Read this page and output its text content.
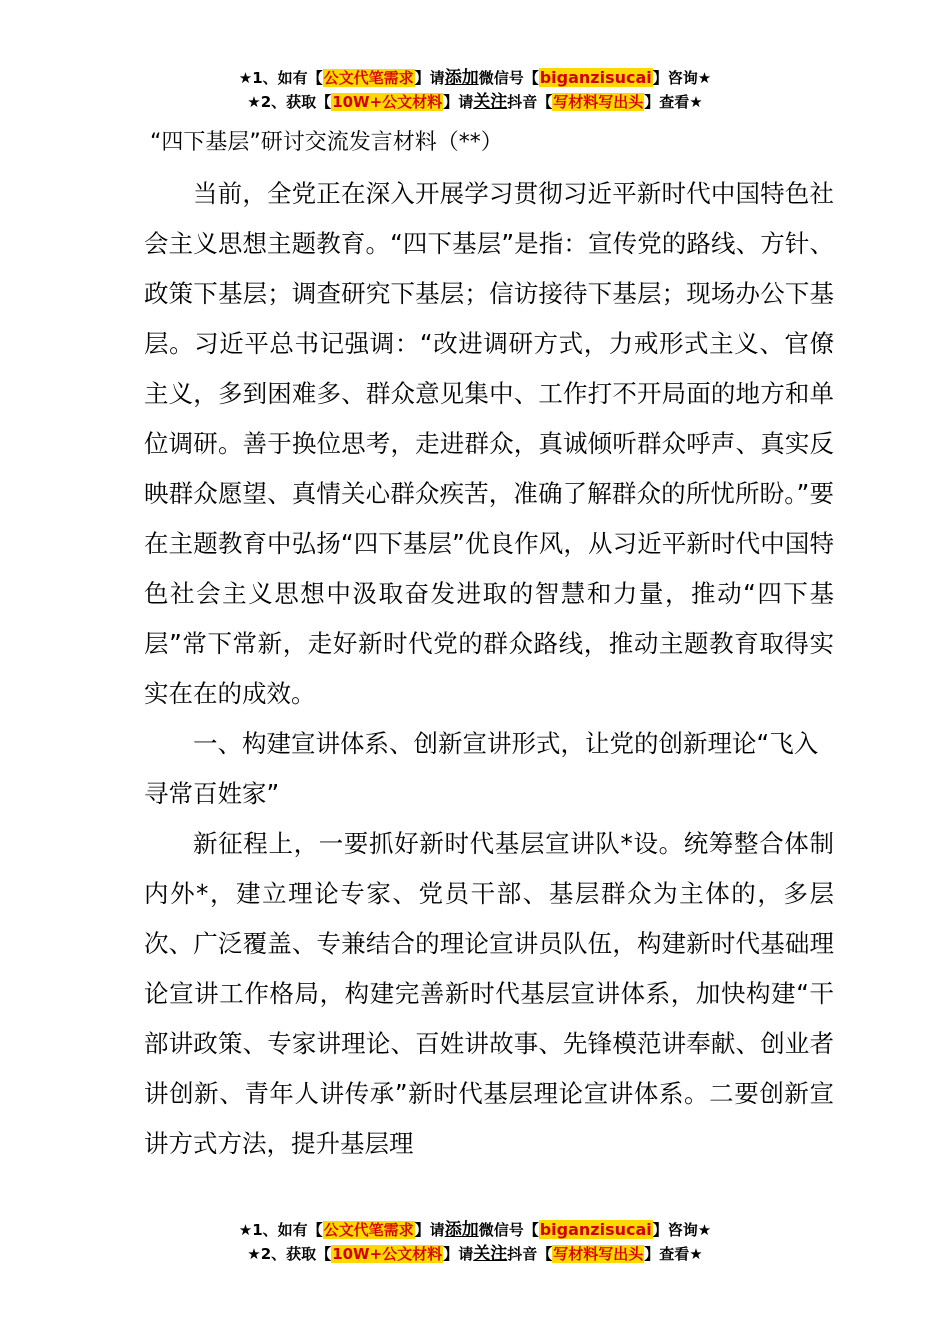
★1、如有【公文代笔需求】请添加微信号【biganzisucai】咨询★
★2、获取【10W+公文材料】请关注抖音【写材料写出头】查看★
“四下基层”研讨交流发言材料（**）

当前，全党正在深入开展学习贯彻习近平新时代中国特色社会主义思想主题教育。“四下基层”是指：宣传党的路线、方针、政策下基层；调查研究下基层；信访接待下基层；现场办公下基层。习近平总书记强调：“改进调研方式，力戒形式主义、官僚主义，多到困难多、群众意见集中、工作打不开局面的地方和单位调研。善于换位思考，走进群众，真诚倾听群众呼声、真实反映群众愿望、真情关心群众疾苦，准确了解群众的所忧所盼。”要在主题教育中弘扬“四下基层”优良作风，从习近平新时代中国特色社会主义思想中汲取奋发进取的智慧和力量，推动“四下基层”常下常新，走好新时代党的群众路线，推动主题教育取得实实在在的成效。

一、构建宣讲体系、创新宣讲形式，让党的创新理论“飞入寻常百姓家”

新征程上，一要抓好新时代基层宣讲队*设。统筹整合体制内外*，建立理论专家、党员干部、基层群众为主体的，多层次、广泛覆盖、专兼结合的理论宣讲员队伍，构建新时代基础理论宣讲工作格局，构建完善新时代基层宣讲体系，加快构建“干部讲政策、专家讲理论、百姓讲故事、先锋模范讲奉献、创业者讲创新、青年人讲传承”新时代基层理论宣讲体系。二要创新宣讲方式方法，提升基层理

★1、如有【公文代笔需求】请添加微信号【biganzisucai】咨询★
★2、获取【10W+公文材料】请关注抖音【写材料写出头】查看★
